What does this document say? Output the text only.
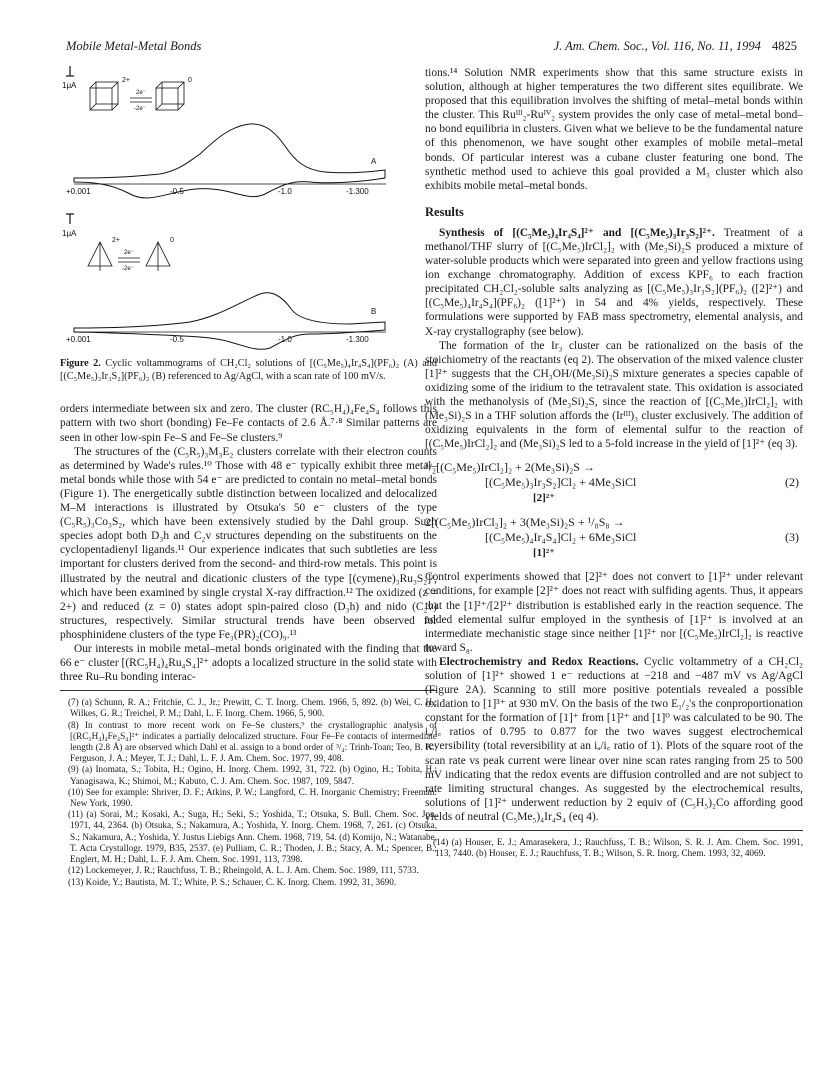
Mobile Metal-Metal Bonds	J. Am. Chem. Soc., Vol. 116, No. 11, 1994 4825
1μA
2+
2e⁻
-2e⁻
0
A
+0.001	-0.5	-1.0	-1.300
1μA
2+
2e⁻
-2e⁻
0
B
+0.001	-0.5	-1.0	-1.300

Figure 2. Cyclic voltammograms of CH₂Cl₂ solutions of [(C₅Me₅)₄Ir₄S₄](PF₆)₂ (A) and [(C₅Me₅)₃Ir₃S₂](PF₆)₂ (B) referenced to Ag/AgCl, with a scan rate of 100 mV/s.

orders intermediate between six and zero. The cluster (RC₅H₄)₄Fe₄S₄ follows this pattern with two short (bonding) Fe–Fe contacts of 2.6 Å.⁷·⁸ Similar patterns are seen in other low-spin Fe–S and Fe–Se clusters.⁹

The structures of the (C₅R₅)₃M₃E₂ clusters correlate with their electron counts as determined by Wade's rules.¹⁰ Those with 48 e⁻ typically exhibit three metal–metal bonds while those with 54 e⁻ are predicted to contain no metal–metal bonds (Figure 1). The energetically subtle distinction between localized and delocalized M–M interactions is illustrated by Otsuka's 50 e⁻ clusters of the type (C₅R₅)₃Co₃S₂, which have been extensively studied by the Dahl group. Such species adopt both D₃h and C₂v structures depending on the substituents on the cyclopentadienyl ligands.¹¹ Our experience indicates that such subtleties are less important for clusters derived from the second- and third-row metals. This point is illustrated by the neutral and dicationic clusters of the type [(cymene)₃Ru₃S₂]ᶻ, which have been examined by single crystal X-ray diffraction.¹² The oxidized (z = 2+) and reduced (z = 0) states adopt spin-paired closo (D₃h) and nido (C₂v) structures, respectively. Similar structural trends have been observed for phosphinidene clusters of the type Fe₃(PR)₂(CO)₉.¹³

Our interests in mobile metal–metal bonds originated with the finding that the 66 e⁻ cluster [(RC₅H₄)₄Ru₄S₄]²⁺ adopts a localized structure in the solid state with three Ru–Ru bonding interac-

(7) (a) Schunn, R. A.; Fritchie, C. J., Jr.; Prewitt, C. T. Inorg. Chem. 1966, 5, 892. (b) Wei, C. H.; Wilkes, G. R.; Treichel, P. M.; Dahl, L. F. Inorg. Chem. 1966, 5, 900.

(8) In contrast to more recent work on Fe–Se clusters,⁹ the crystallographic analysis of [(RC₅H₄)₄Fe₄S₄]²⁺ indicates a partially delocalized structure. Four Fe–Fe contacts of intermediate length (2.8 Å) are observed which Dahl et al. assign to a bond order of ³/₄: Trinh-Toan; Teo, B. K.; Ferguson, J. A.; Meyer, T. J.; Dahl, L. F. J. Am. Chem. Soc. 1977, 99, 408.

(9) (a) Inomata, S.; Tobita, H.; Ogino, H. Inorg. Chem. 1992, 31, 722. (b) Ogino, H.; Tobita, H.; Yanagisawa, K.; Shimoi, M.; Kabuto, C. J. Am. Chem. Soc. 1987, 109, 5847.

(10) See for example: Shriver, D. F.; Atkins, P. W.; Langford, C. H. Inorganic Chemistry; Freeman: New York, 1990.

(11) (a) Sorai, M.; Kosaki, A.; Suga, H.; Seki, S.; Yoshida, T.; Otsuka, S. Bull. Chem. Soc. Jpn. 1971, 44, 2364. (b) Otsuka, S.; Nakamura, A.; Yoshida, Y. Inorg. Chem. 1968, 7, 261. (c) Otsuka, S.; Nakamura, A.; Yoshida, Y. Justus Liebigs Ann. Chem. 1968, 719, 54. (d) Komijo, N.; Watanabe, T. Acta Crystallogr. 1979, B35, 2537. (e) Pulliam, C. R.; Thoden, J. B.; Stacy, A. M.; Spencer, B.; Englert, M. H.; Dahl, L. F. J. Am. Chem. Soc. 1991, 113, 7398.

(12) Lockemeyer, J. R.; Rauchfuss, T. B.; Rheingold, A. L. J. Am. Chem. Soc. 1989, 111, 5733.

(13) Koide, Y.; Bautista, M. T.; White, P. S.; Schauer, C. K. Inorg. Chem. 1992, 31, 3690.

tions.¹⁴ Solution NMR experiments show that this same structure exists in solution, although at higher temperatures the two different sites equilibrate. We proposed that this equilibration involves the shifting of metal–metal bonds within the cluster. This Ruᴵᴵᴵ₂-Ruᴵⱽ₂ system provides the only case of metal–metal bond–no bond equilibria in clusters. Given what we believe to be the fundamental nature of this phenomenon, we have sought other examples of mobile metal–metal bonds. Of particular interest was a cubane cluster featuring one bond. The synthetic method used to achieve this goal provided a M₃ cluster which also exhibits mobile metal–metal bonds.

Results

Synthesis of [(C₅Me₅)₄Ir₄S₄]²⁺ and [(C₅Me₅)₃Ir₃S₂]²⁺. Treatment of a methanol/THF slurry of [(C₅Me₅)IrCl₂]₂ with (Me₃Si)₂S produced a mixture of water-soluble products which were separated into green and yellow fractions using ion exchange chromatography. Addition of excess KPF₆ to each fraction precipitated CH₂Cl₂-soluble salts analyzing as [(C₅Me₅)₃Ir₃S₂](PF₆)₂ ([2]²⁺) and [(C₅Me₅)₄Ir₄S₄](PF₆)₂ ([1]²⁺) in 54 and 4% yields, respectively. These formulations were supported by FAB mass spectrometry, elemental analysis, and X-ray crystallography (see below).

The formation of the Ir₃ cluster can be rationalized on the basis of the stoichiometry of the reactants (eq 2). The observation of the mixed valence cluster [1]²⁺ suggests that the CH₃OH/(Me₃Si)₂S mixture generates a species capable of oxidizing some of the iridium to the tetravalent state. This oxidation is associated with the methanolysis of (Me₃Si)₂S, since the reaction of [(C₅Me₅)IrCl₂]₂ with (Me₃Si)₂S in a THF solution affords the (Irᴵᴵᴵ)₃ cluster exclusively. The addition of oxidizing equivalents in the form of elemental sulfur to the reaction of [(C₅Me₅)IrCl₂]₂ and (Me₃Si)₂S led to a 5-fold increase in the yield of [1]²⁺ (eq 3).

³/₂[(C₅Me₅)IrCl₂]₂ + 2(Me₃Si)₂S →
[(C₅Me₅)₃Ir₃S₂]Cl₂ + 4Me₃SiCl	(2)
[2]²⁺
2[(C₅Me₅)IrCl₂]₂ + 3(Me₃Si)₂S + ¹/₈S₈ →
[(C₅Me₅)₄Ir₄S₄]Cl₂ + 6Me₃SiCl	(3)
[1]²⁺

Control experiments showed that [2]²⁺ does not convert to [1]²⁺ under relevant conditions, for example [2]²⁺ does not react with sulfiding agents. Thus, it appears that the [1]²⁺/[2]²⁺ distribution is established early in the reaction sequence. The added elemental sulfur employed in the synthesis of [1]²⁺ is involved at an intermediate mechanistic stage since neither [1]²⁺ nor [(C₅Me₅)IrCl₂]₂ is reactive toward S₈.

Electrochemistry and Redox Reactions. Cyclic voltammetry of a CH₂Cl₂ solution of [1]²⁺ showed 1 e⁻ reductions at −218 and −487 mV vs Ag/AgCl (Figure 2A). Scanning to still more positive potentials revealed a possible oxidation to [1]³⁺ at 930 mV. On the basis of the two E₁/₂'s the conproportionation constant for the formation of [1]⁺ from [1]²⁺ and [1]⁰ was calculated to be 90. The iₐ/i꜀ ratios of 0.795 to 0.877 for the two waves suggest electrochemical reversibility (total reversibility at an iₐ/i꜀ ratio of 1). Plots of the square root of the scan rate vs peak current were linear over nine scan rates ranging from 25 to 500 mV indicating that the redox events are diffusion controlled and are not subject to rate limiting structural changes. As suggested by the electrochemical results, solutions of [1]²⁺ underwent reduction by 2 equiv of (C₅H₅)₂Co affording good yields of neutral (C₅Me₅)₄Ir₄S₄ (eq 4).

(14) (a) Houser, E. J.; Amarasekera, J.; Rauchfuss, T. B.; Wilson, S. R. J. Am. Chem. Soc. 1991, 113, 7440. (b) Houser, E. J.; Rauchfuss, T. B.; Wilson, S. R. Inorg. Chem. 1993, 32, 4069.
